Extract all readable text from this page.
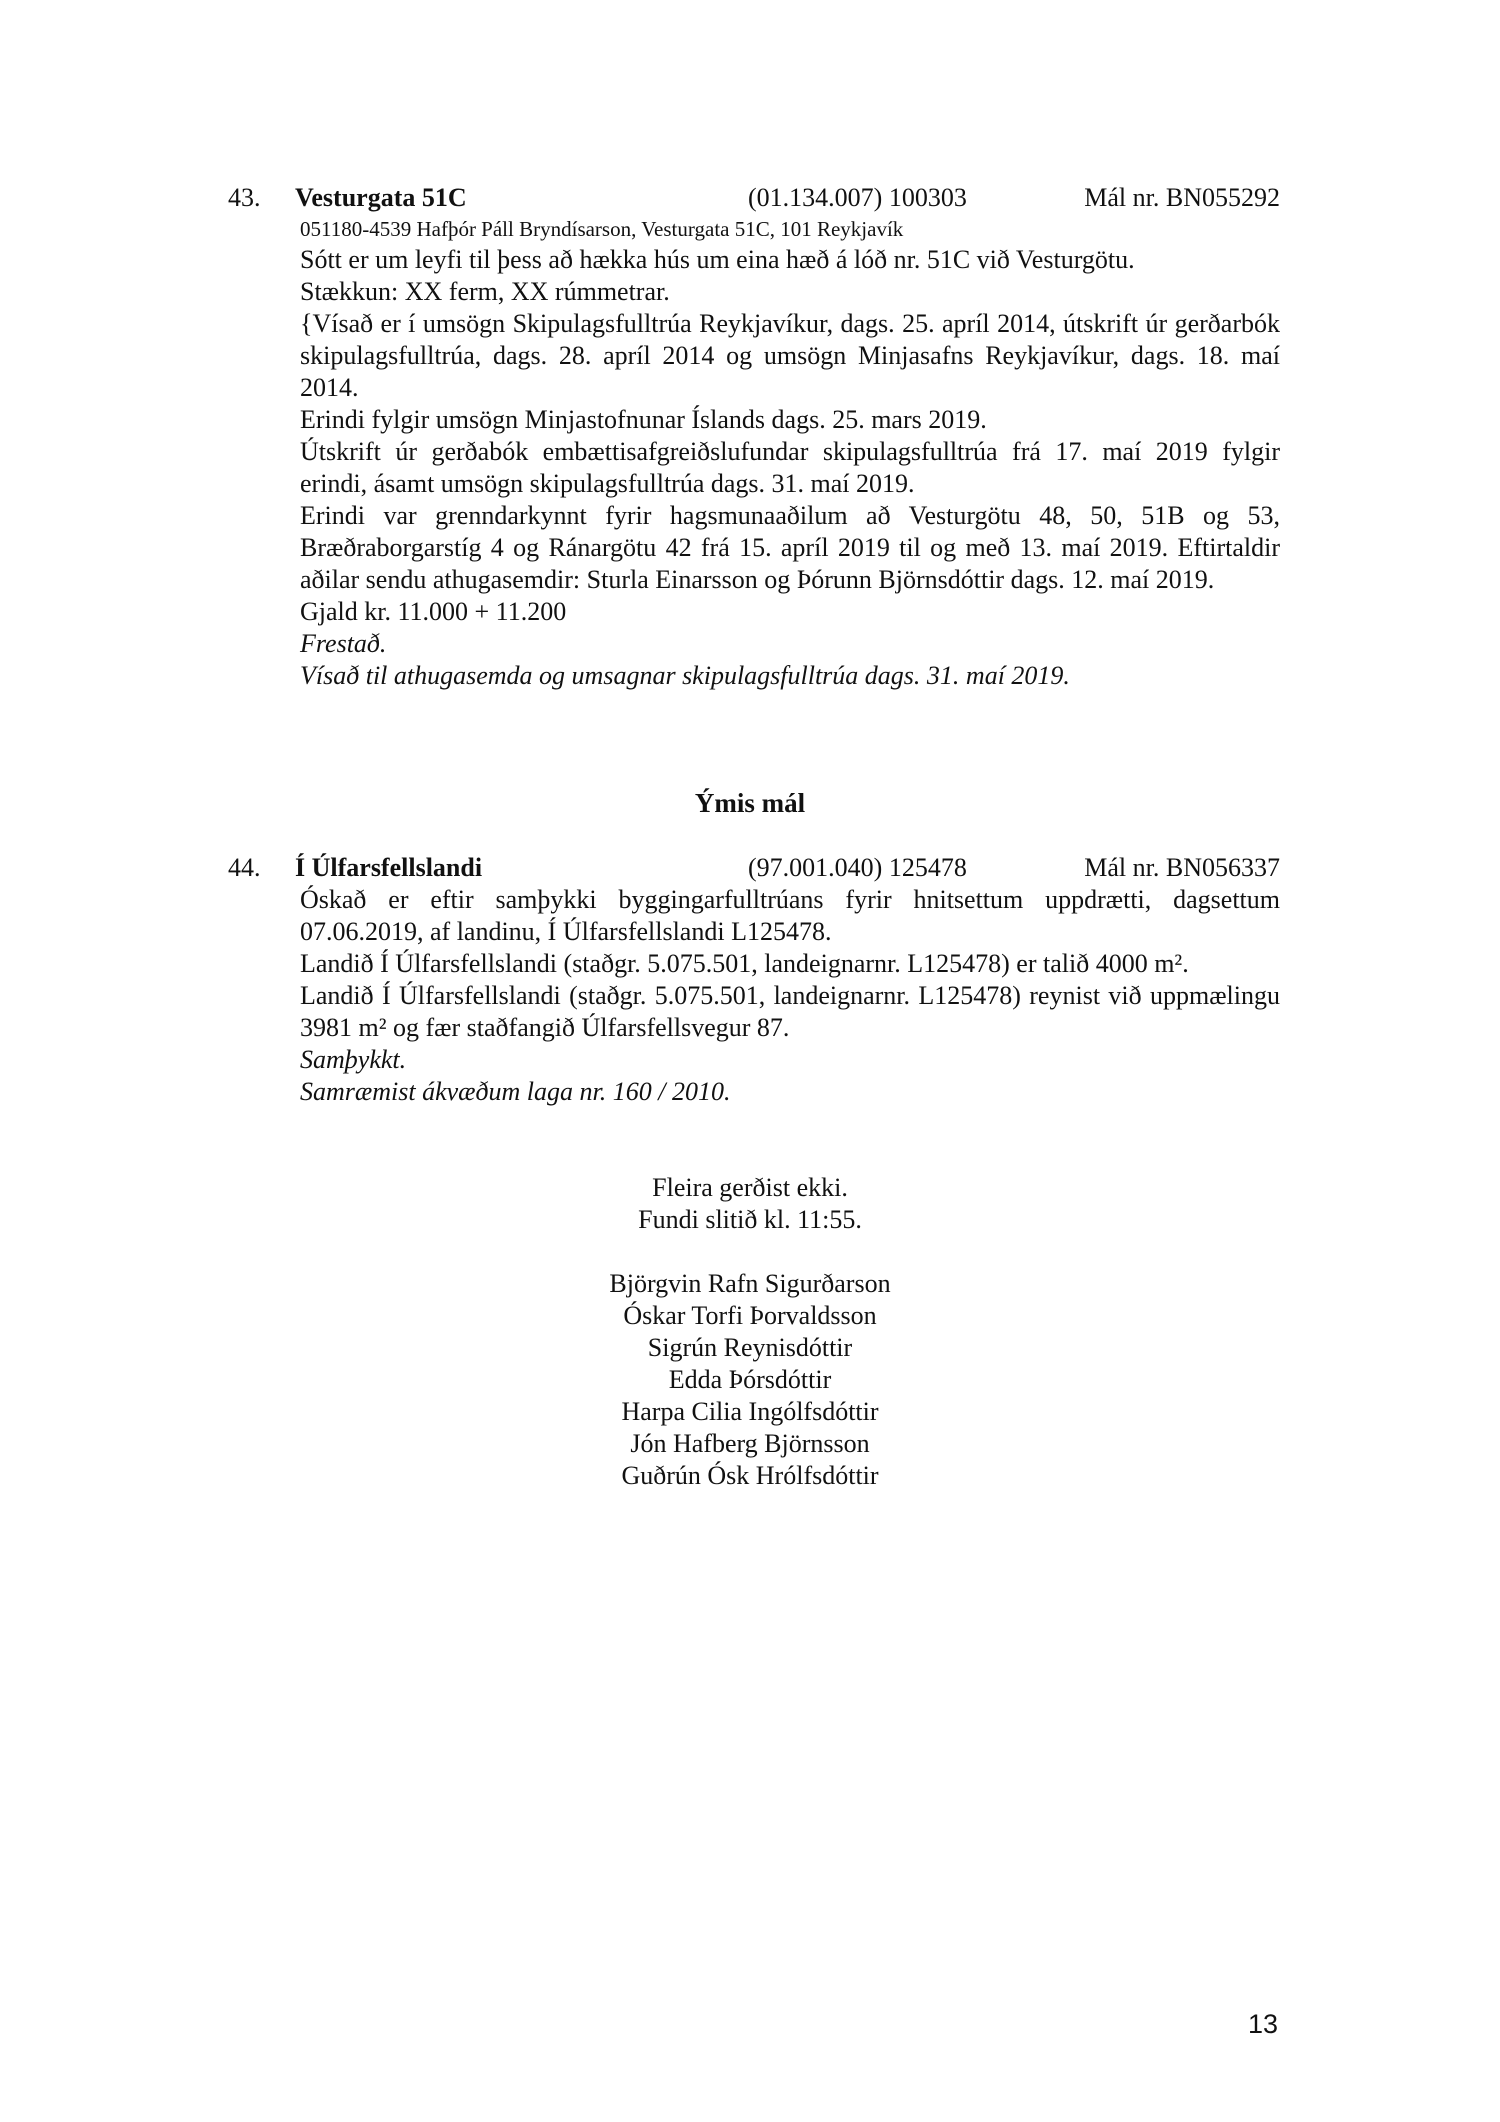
43. Vesturgata 51C	(01.134.007) 100303	Mál nr. BN055292
051180-4539 Hafþór Páll Bryndísarson, Vesturgata 51C, 101 Reykjavík

Sótt er um leyfi til þess að hækka hús um eina hæð á lóð nr. 51C við Vesturgötu.

Stækkun: XX ferm, XX rúmmetrar.

{Vísað er í umsögn Skipulagsfulltrúa Reykjavíkur, dags. 25. apríl 2014, útskrift úr gerðarbók skipulagsfulltrúa, dags. 28. apríl 2014 og umsögn Minjasafns Reykjavíkur, dags. 18. maí 2014.

Erindi fylgir umsögn Minjastofnunar Íslands dags. 25. mars 2019.

Útskrift úr gerðabók embættisafgreiðslufundar skipulagsfulltrúa frá 17. maí 2019 fylgir erindi, ásamt umsögn skipulagsfulltrúa dags. 31. maí 2019.

Erindi var grenndarkynnt fyrir hagsmunaaðilum að Vesturgötu 48, 50, 51B og 53, Bræðraborgarstíg 4 og Ránargötu 42 frá 15. apríl 2019 til og með 13. maí 2019. Eftirtaldir aðilar sendu athugasemdir: Sturla Einarsson og Þórunn Björnsdóttir dags. 12. maí 2019.

Gjald kr. 11.000 + 11.200

Frestað.

Vísað til athugasemda og umsagnar skipulagsfulltrúa dags. 31. maí 2019.

Ýmis mál
44. Í Úlfarsfellslandi	(97.001.040) 125478	Mál nr. BN056337

Óskað er eftir samþykki byggingarfulltrúans fyrir hnitsettum uppdrætti, dagsettum 07.06.2019, af landinu, Í Úlfarsfellslandi L125478.

Landið Í Úlfarsfellslandi (staðgr. 5.075.501, landeignarnr. L125478) er talið 4000 m².

Landið Í Úlfarsfellslandi (staðgr. 5.075.501, landeignarnr. L125478) reynist við uppmælingu 3981 m² og fær staðfangið Úlfarsfellsvegur 87.

Samþykkt.

Samræmist ákvæðum laga nr. 160 / 2010.

Fleira gerðist ekki.

Fundi slitið kl. 11:55.

Björgvin Rafn Sigurðarson

Óskar Torfi Þorvaldsson

Sigrún Reynisdóttir

Edda Þórsdóttir

Harpa Cilia Ingólfsdóttir

Jón Hafberg Björnsson

Guðrún Ósk Hrólfsdóttir

13
